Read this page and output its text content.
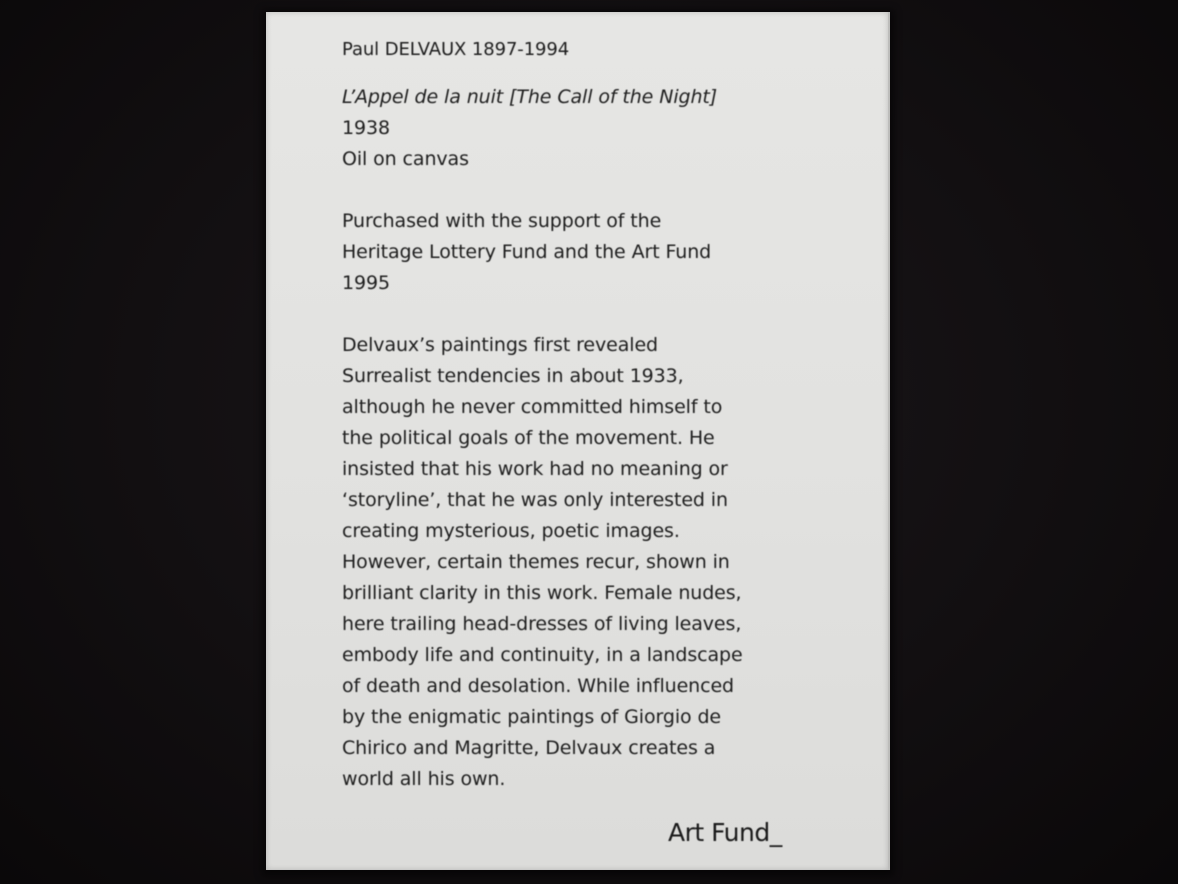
Paul DELVAUX 1897-1994
L’Appel de la nuit [The Call of the Night]
1938
Oil on canvas
Purchased with the support of the
Heritage Lottery Fund and the Art Fund
1995
Delvaux’s paintings first revealed
Surrealist tendencies in about 1933,
although he never committed himself to
the political goals of the movement. He
insisted that his work had no meaning or
‘storyline’, that he was only interested in
creating mysterious, poetic images.
However, certain themes recur, shown in
brilliant clarity in this work. Female nudes,
here trailing head-dresses of living leaves,
embody life and continuity, in a landscape
of death and desolation. While influenced
by the enigmatic paintings of Giorgio de
Chirico and Magritte, Delvaux creates a
world all his own.
Art Fund_
